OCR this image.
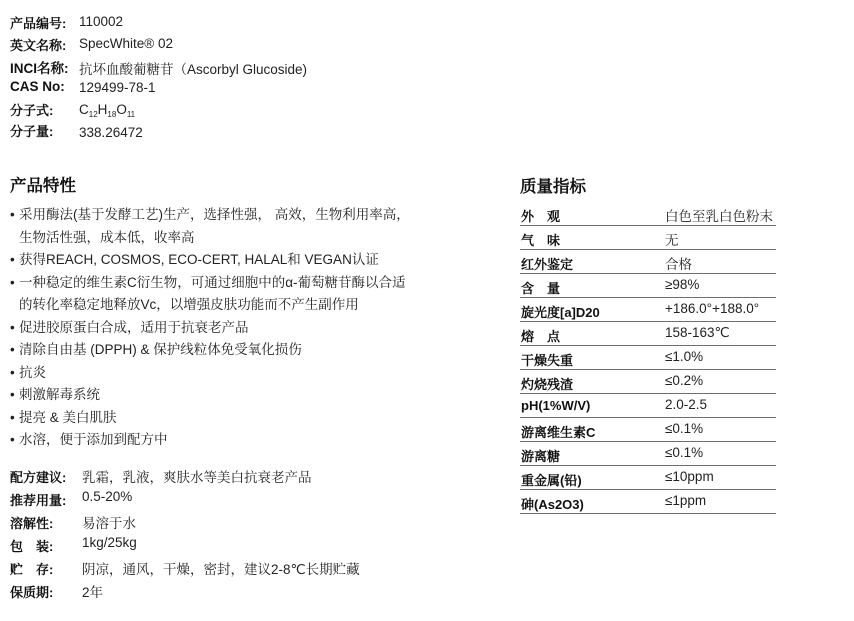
产品编号: 110002
英文名称: SpecWhite® 02
INCI名称: 抗坏血酸葡糖苷（Ascorbyl Glucoside)
CAS No: 129499-78-1
分子式: $C_{12}H_{18}O_{11}$
分子量: 338.26472
产品特性	质量指标
• 采用酶法(基于发酵工艺)生产，选择性强， 高效，生物利用率高，
生物活性强，成本低，收率高
• 获得REACH, COSMOS, ECO-CERT, HALAL和 VEGAN认证
• 一种稳定的维生素C衍生物，可通过细胞中的α-葡萄糖苷酶以合适
的转化率稳定地释放Vc，以增强皮肤功能而不产生副作用
• 促进胶原蛋白合成，适用于抗衰老产品
• 清除自由基 (DPPH) & 保护线粒体免受氧化损伤
• 抗炎
• 刺激解毒系统
• 提亮 & 美白肌肤
• 水溶，便于添加到配方中
配方建议: 乳霜，乳液，爽肤水等美白抗衰老产品
推荐用量: 0.5-20%
溶解性: 易溶于水
包　装: 1kg/25kg
贮　存: 阴凉，通风，干燥，密封，建议2-8℃长期贮藏
保质期: 2年
外　观	白色至乳白色粉末
气　味	无
红外鉴定	合格
含　量	≥98%
旋光度[a]D20	+186.0°+188.0°
熔　点	158-163℃
干燥失重	≤1.0%
灼烧残渣	≤0.2%
pH(1%W/V)	2.0-2.5
游离维生素C	≤0.1%
游离糖	≤0.1%
重金属(铅)	≤10ppm
砷(As2O3)	≤1ppm
